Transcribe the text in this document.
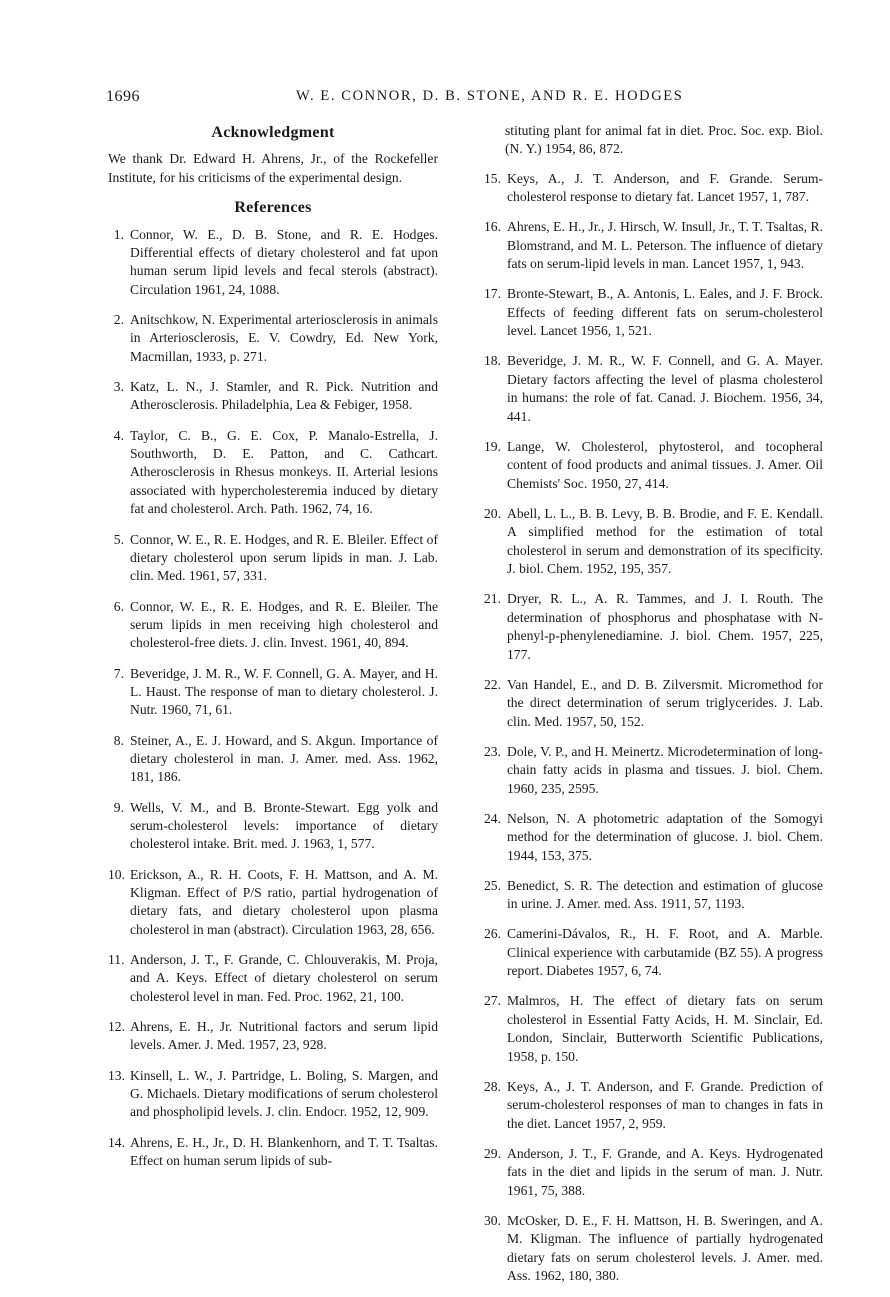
1696	W. E. CONNOR, D. B. STONE, AND R. E. HODGES
Acknowledgment

We thank Dr. Edward H. Ahrens, Jr., of the Rockefeller Institute, for his criticisms of the experimental design.

References
1. Connor, W. E., D. B. Stone, and R. E. Hodges. Differential effects of dietary cholesterol and fat upon human serum lipid levels and fecal sterols (abstract). Circulation 1961, 24, 1088.
2. Anitschkow, N. Experimental arteriosclerosis in animals in Arteriosclerosis, E. V. Cowdry, Ed. New York, Macmillan, 1933, p. 271.
3. Katz, L. N., J. Stamler, and R. Pick. Nutrition and Atherosclerosis. Philadelphia, Lea & Febiger, 1958.
4. Taylor, C. B., G. E. Cox, P. Manalo-Estrella, J. Southworth, D. E. Patton, and C. Cathcart. Atherosclerosis in Rhesus monkeys. II. Arterial lesions associated with hypercholesteremia induced by dietary fat and cholesterol. Arch. Path. 1962, 74, 16.
5. Connor, W. E., R. E. Hodges, and R. E. Bleiler. Effect of dietary cholesterol upon serum lipids in man. J. Lab. clin. Med. 1961, 57, 331.
6. Connor, W. E., R. E. Hodges, and R. E. Bleiler. The serum lipids in men receiving high cholesterol and cholesterol-free diets. J. clin. Invest. 1961, 40, 894.
7. Beveridge, J. M. R., W. F. Connell, G. A. Mayer, and H. L. Haust. The response of man to dietary cholesterol. J. Nutr. 1960, 71, 61.
8. Steiner, A., E. J. Howard, and S. Akgun. Importance of dietary cholesterol in man. J. Amer. med. Ass. 1962, 181, 186.
9. Wells, V. M., and B. Bronte-Stewart. Egg yolk and serum-cholesterol levels: importance of dietary cholesterol intake. Brit. med. J. 1963, 1, 577.
10. Erickson, A., R. H. Coots, F. H. Mattson, and A. M. Kligman. Effect of P/S ratio, partial hydrogenation of dietary fats, and dietary cholesterol upon plasma cholesterol in man (abstract). Circulation 1963, 28, 656.
11. Anderson, J. T., F. Grande, C. Chlouverakis, M. Proja, and A. Keys. Effect of dietary cholesterol on serum cholesterol level in man. Fed. Proc. 1962, 21, 100.
12. Ahrens, E. H., Jr. Nutritional factors and serum lipid levels. Amer. J. Med. 1957, 23, 928.
13. Kinsell, L. W., J. Partridge, L. Boling, S. Margen, and G. Michaels. Dietary modifications of serum cholesterol and phospholipid levels. J. clin. Endocr. 1952, 12, 909.
14. Ahrens, E. H., Jr., D. H. Blankenhorn, and T. T. Tsaltas. Effect on human serum lipids of sub-
stituting plant for animal fat in diet. Proc. Soc. exp. Biol. (N. Y.) 1954, 86, 872.
15. Keys, A., J. T. Anderson, and F. Grande. Serum-cholesterol response to dietary fat. Lancet 1957, 1, 787.
16. Ahrens, E. H., Jr., J. Hirsch, W. Insull, Jr., T. T. Tsaltas, R. Blomstrand, and M. L. Peterson. The influence of dietary fats on serum-lipid levels in man. Lancet 1957, 1, 943.
17. Bronte-Stewart, B., A. Antonis, L. Eales, and J. F. Brock. Effects of feeding different fats on serum-cholesterol level. Lancet 1956, 1, 521.
18. Beveridge, J. M. R., W. F. Connell, and G. A. Mayer. Dietary factors affecting the level of plasma cholesterol in humans: the role of fat. Canad. J. Biochem. 1956, 34, 441.
19. Lange, W. Cholesterol, phytosterol, and tocopheral content of food products and animal tissues. J. Amer. Oil Chemists' Soc. 1950, 27, 414.
20. Abell, L. L., B. B. Levy, B. B. Brodie, and F. E. Kendall. A simplified method for the estimation of total cholesterol in serum and demonstration of its specificity. J. biol. Chem. 1952, 195, 357.
21. Dryer, R. L., A. R. Tammes, and J. I. Routh. The determination of phosphorus and phosphatase with N-phenyl-p-phenylenediamine. J. biol. Chem. 1957, 225, 177.
22. Van Handel, E., and D. B. Zilversmit. Micromethod for the direct determination of serum triglycerides. J. Lab. clin. Med. 1957, 50, 152.
23. Dole, V. P., and H. Meinertz. Microdetermination of long-chain fatty acids in plasma and tissues. J. biol. Chem. 1960, 235, 2595.
24. Nelson, N. A photometric adaptation of the Somogyi method for the determination of glucose. J. biol. Chem. 1944, 153, 375.
25. Benedict, S. R. The detection and estimation of glucose in urine. J. Amer. med. Ass. 1911, 57, 1193.
26. Camerini-Dávalos, R., H. F. Root, and A. Marble. Clinical experience with carbutamide (BZ 55). A progress report. Diabetes 1957, 6, 74.
27. Malmros, H. The effect of dietary fats on serum cholesterol in Essential Fatty Acids, H. M. Sinclair, Ed. London, Sinclair, Butterworth Scientific Publications, 1958, p. 150.
28. Keys, A., J. T. Anderson, and F. Grande. Prediction of serum-cholesterol responses of man to changes in fats in the diet. Lancet 1957, 2, 959.
29. Anderson, J. T., F. Grande, and A. Keys. Hydrogenated fats in the diet and lipids in the serum of man. J. Nutr. 1961, 75, 388.
30. McOsker, D. E., F. H. Mattson, H. B. Sweringen, and A. M. Kligman. The influence of partially hydrogenated dietary fats on serum cholesterol levels. J. Amer. med. Ass. 1962, 180, 380.
